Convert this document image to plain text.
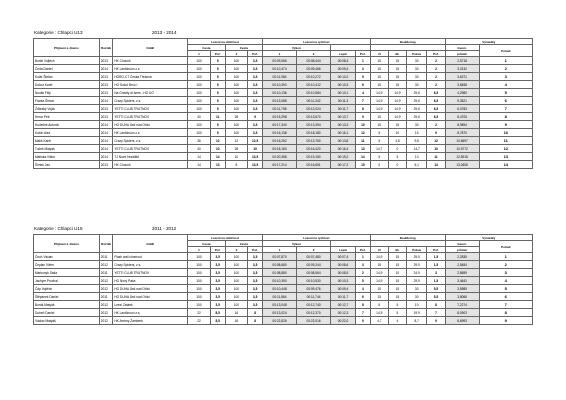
Kategorie : Chlapci U13	2013 - 2014
Příjmení a Jméno	Ročník	Oddíl	Lezení na obtížnost				Lezení na rychlost				Bouldering				Výsledky	
			Cesta		Cesta		Výkon								Geom.	Pořadí
			1	Poř.	2	Poř.	1	2	Lepší	Poř.	Ví	Bl.	Pokus	Poř.	průměr	
Buriel Vojtěch	2013	HK Chocoň	100	5	100	3,5	00:09,066	00:08,444	00:08,4	1	15	15	30	2	2,5718	1
Čeda Daniel	2014	HK Lanškroun z.s.	100	5	100	3,5	00:10,474	00:09,466	00:09,4	3	15	15	30	2	3,0132	2
Kolář Štefan	2013	HORO-CT Česká Třebová	100	5	100	3,5	00:11,984	00:10,272	00:10,2	5	15	15	30	2	3,6371	3
Dokoz Karel	2013	HO Sokol Brno I	100	5	100	3,5	00:10,390	00:10,412	00:10,3	6	15	15	30	2	3,8458	4
Novák Filip	2013	Na Gravity di Isere., HO UO	100	5	100	3,5	00:10,136	00:10,584	00:10,1	4	14,9	14,9	29,8	6,5	4,2980	5
Franta Šimon	2014	Crazy Spiders, z.s.	100	5	100	3,5	00:13,088	00:11,342	00:11,3	7	14,9	14,9	29,8	6,5	5,3521	6
Žďárský Vojta	2013	YETTI CLUB TRUTNOV	100	5	100	3,5	00:11,758	00:12,024	00:11,7	8	14,9	14,9	29,8	6,5	6,0783	7
Hrnar Petr	2013	YETTI CLUB TRUTNOV	40	11	28	9	00:15,298	00:13,670	00:13,7	9	15	14,9	29,8	6,5	8,4705	8
Hudeček Antonín	2014	HO DUHA Ústí nad Orlicí	100	5	100	3,5	00:17,340	00:13,394	00:13,3	10	15	15	30	2	8,9894	9
Kubín Alex	2014	HK Lanškroun z.s.	100	5	100	3,5	00:16,138	00:18,180	00:16,1	12	5	10	15	9	8,7870	10
Malík Karel	2014	Crazy Spiders, z.s.	36	12	12	12,5	00:16,252	00:13,760	00:13,8	11	5	4,8	9,8	12	10,6697	11
Tuček Matyáš	2014	YETTI CLUB TRUTNOV	40	10	28	10	00:18,180	00:16,420	00:16,4	13	14,7	0	14,7	10	10,9772	12
Matinka Viktor	2014	TJ Nové Hradiště	14	14	10	13,5	00:20,358	00:19,150	00:19,2	14	5	5	10	11	12,5915	13
Šimek Jan	2013	HK Chocoň	14	13	8	13,5	00:17,214	00:16,651	00:17,2	15	0	0	5,1	14	13,2606	14
Kategorie : Chlapci U15	2011 - 2012
Příjmení a Jméno	Ročník	Oddíl	Lezení na obtížnost				Lezení na rychlost				Bouldering				Výsledky	
			Cesta		Cesta		Výkon								Geom.	Pořadí
			1	Poř.	2	Poř.	1	2	Lepší	Poř.	Ví	Bl.	Pokus	Poř.	průměr	
Čech Václav	2011	Flash wall chomout	100	3,5	100	3,5	00:07,870	00:07,480	00:07,4	1	14,9	15	29,9	1,5	2,2835	1
Čeplan Vilém	2012	Crazy Spiders, z.s.	100	3,5	100	3,5	00:08,680	00:09,244	00:08,6	3	15	15	29,9	1,5	2,5484	2
Markonyk Saša	2011	YETTI CLUB TRUTNOV	100	3,5	100	3,5	00:08,880	00:08,564	00:08,5	2	14,9	10	24,9	3	2,8659	3
Jachym Prochal	2012	HO Nový Paka	100	3,5	100	3,5	00:10,390	00:10,530	00:10,3	5	14,9	15	29,9	1,5	3,4641	4
Čáp Vojtěch	2012	HO DUHA Ústí nad Orlicí	100	3,5	100	3,5	00:10,448	00:09,476	00:09,4	4	15	15	30	5,5	3,5985	5
Štěpánek Daniel	2011	HO DUHA Ústí nad Orlicí	100	3,5	100	3,5	00:11,864	00:11,744	00:11,7	6	15	15	30	5,5	3,8068	6
Borák Matyáš	2012	Leezi Zatáek	100	3,5	100	3,5	00:13,048	00:12,740	00:12,7	8	5	5	10	8	7,2274	7
Dubeň Daniel	2012	HK Lanškroun z.s.	22	8,5	16	8	00:13,024	00:12,370	00:12,3	7	14,9	5	19,9	7	8,0903	8
Václav Matyáš	2012	HK Amirny Žamberk	22	8,5	16	8	00:22,826	00:22,016	00:22,0	9	4,7	4	8,7	9	8,6993	9
